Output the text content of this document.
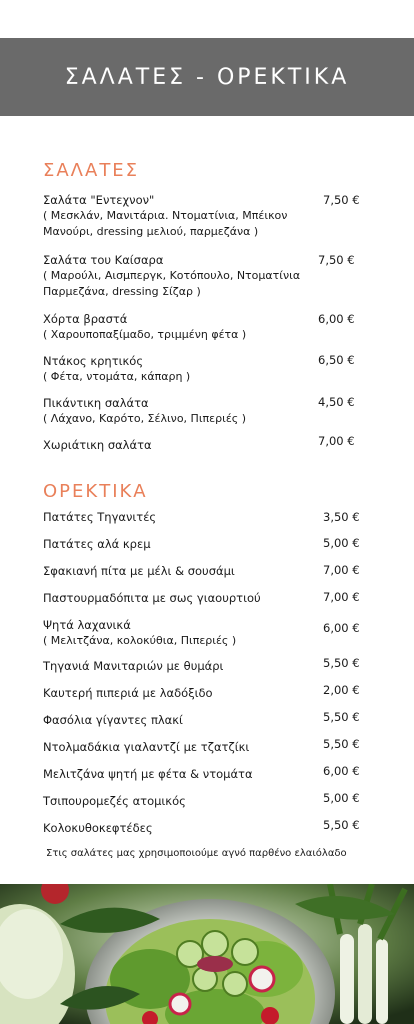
ΣΑΛΑΤΕΣ - ΟΡΕΚΤΙΚΑ
ΣΑΛΑΤΕΣ
Σαλάτα "Εντεχνον"
( Μεσκλάν, Μανιτάρια. Ντοματίνια, Μπέικον Μανούρι, dressing μελιού, παρμεζάνα )
7,50 €
Σαλάτα του Καίσαρα
( Μαρούλι, Αισμπεργκ, Κοτόπουλο, Ντοματίνια Παρμεζάνα, dressing Σίζαρ )
7,50 €
Χόρτα βραστά
( Χαρουποπαξίμαδο, τριμμένη φέτα )
6,00 €
Ντάκος κρητικός
( Φέτα, ντομάτα, κάπαρη )
6,50 €
Πικάντικη σαλάτα
( Λάχανο, Καρότο, Σέλινο, Πιπεριές )
4,50 €
Χωριάτικη σαλάτα	7,00 €
ΟΡΕΚΤΙΚΑ
Πατάτες Τηγανιτές	3,50 €
Πατάτες αλά κρεμ	5,00 €
Σφακιανή πίτα με μέλι & σουσάμι	7,00 €
Παστουρμαδόπιτα με σως γιαουρτιού	7,00 €
Ψητά λαχανικά
( Μελιτζάνα, κολοκύθια, Πιπεριές )
6,00 €
Τηγανιά Μανιταριών με θυμάρι	5,50 €
Καυτερή πιπεριά με λαδόξιδο	2,00 €
Φασόλια γίγαντες πλακί	5,50 €
Ντολμαδάκια γιαλαντζί με τζατζίκι	5,50 €
Μελιτζάνα ψητή με φέτα & ντομάτα	6,00 €
Τσιπουρομεζές ατομικός	5,00 €
Κολοκυθοκεφτέδες	5,50 €
Στις σαλάτες μας χρησιμοποιούμε αγνό παρθένο ελαιόλαδο
